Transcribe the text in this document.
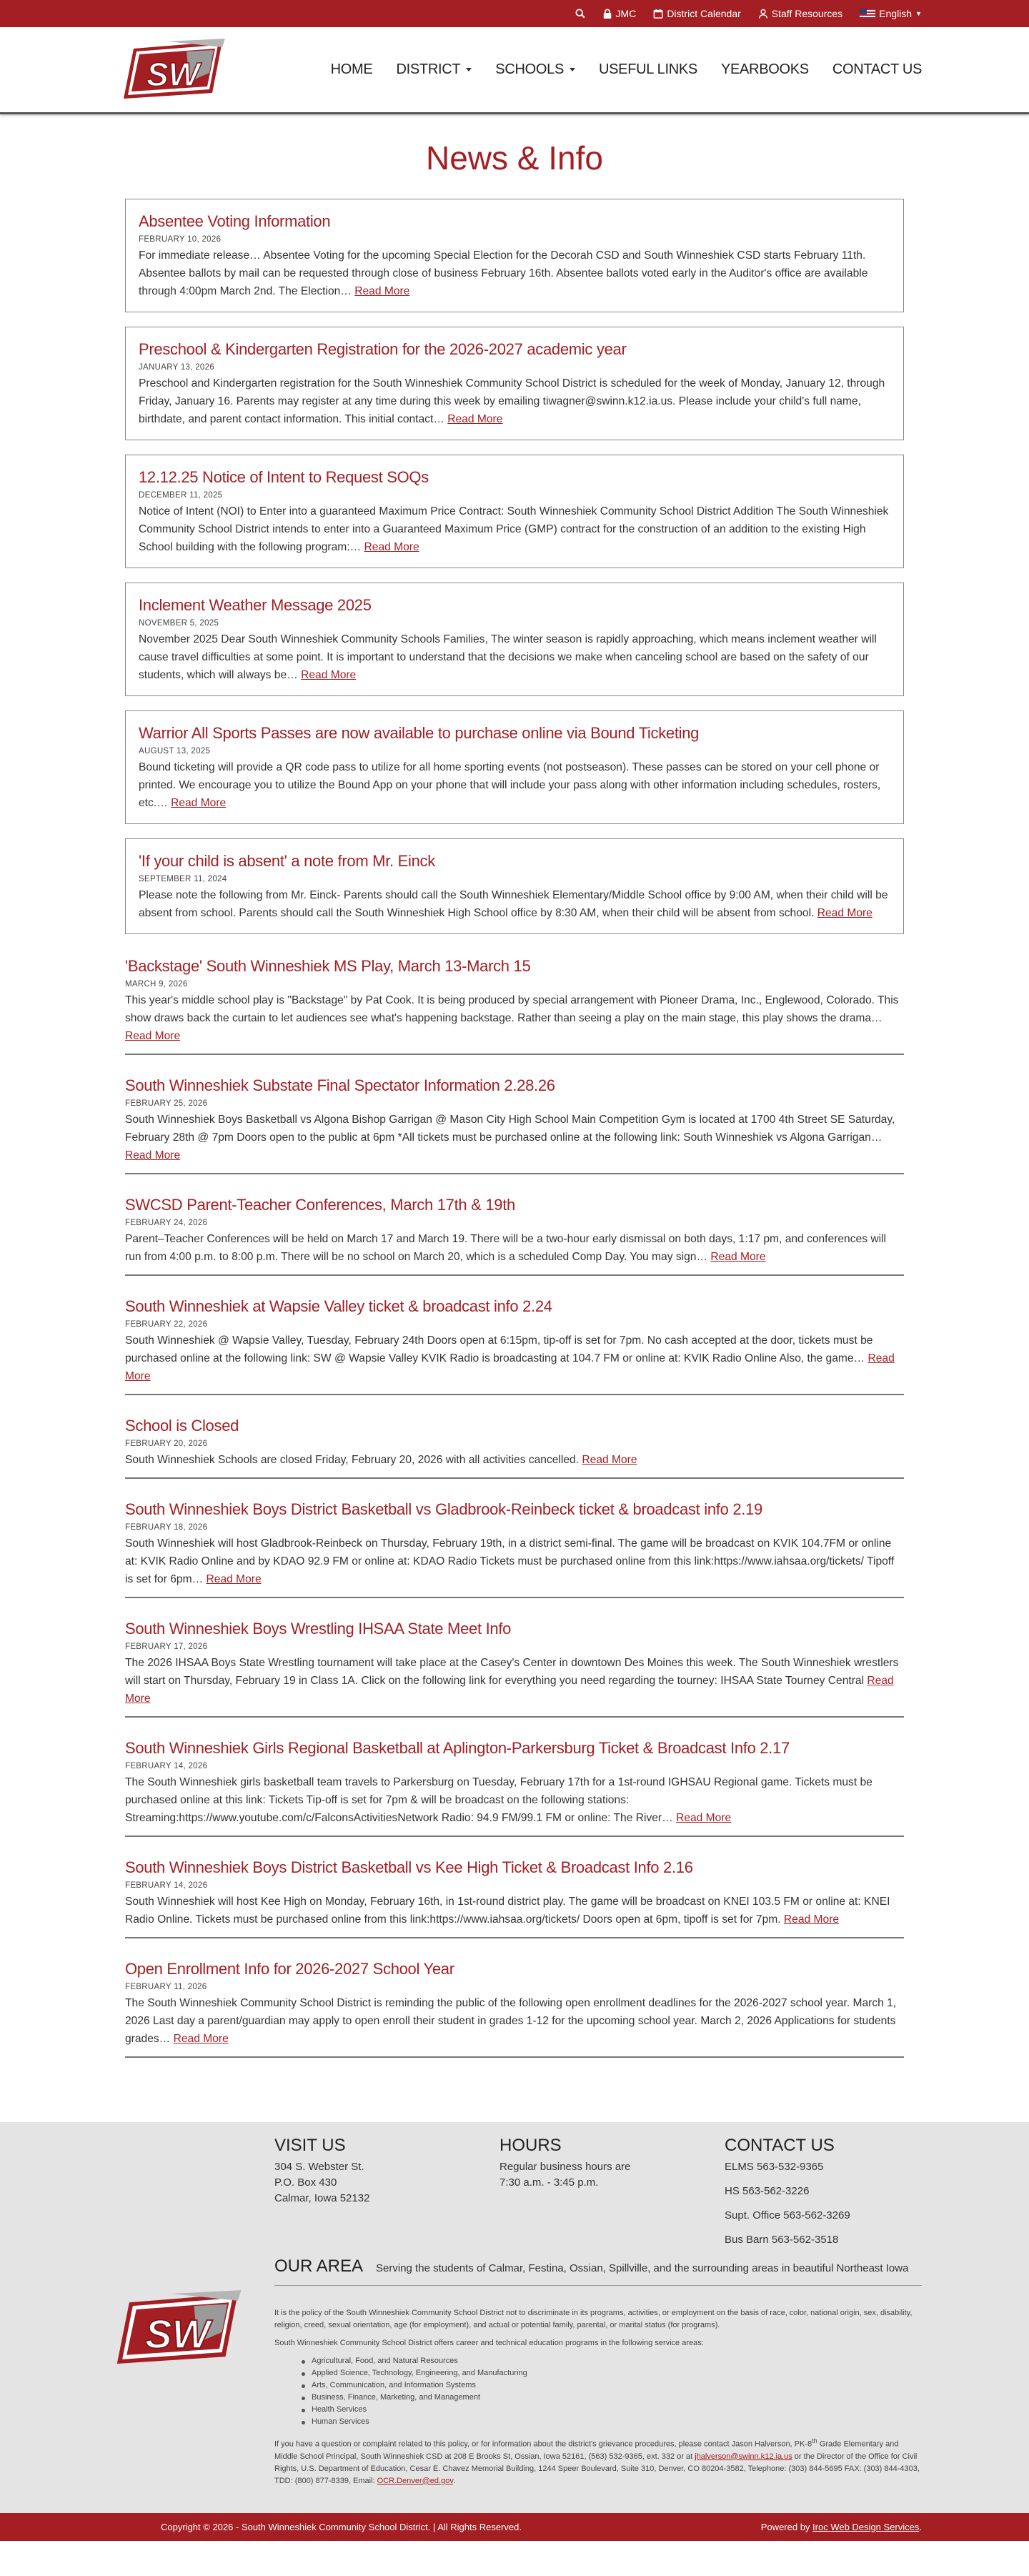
JMC	District Calendar	Staff Resources	English ▼
SW	HOME DISTRICT SCHOOLS USEFUL LINKS YEARBOOKS CONTACT US
News & Info
Absentee Voting Information
FEBRUARY 10, 2026
For immediate release… Absentee Voting for the upcoming Special Election for the Decorah CSD and South Winneshiek CSD starts February 11th. Absentee ballots by mail can be requested through close of business February 16th. Absentee ballots voted early in the Auditor's office are available through 4:00pm March 2nd. The Election… Read More
Preschool & Kindergarten Registration for the 2026-2027 academic year
JANUARY 13, 2026
Preschool and Kindergarten registration for the South Winneshiek Community School District is scheduled for the week of Monday, January 12, through Friday, January 16. Parents may register at any time during this week by emailing tiwagner@swinn.k12.ia.us. Please include your child's full name, birthdate, and parent contact information. This initial contact… Read More
12.12.25 Notice of Intent to Request SOQs
DECEMBER 11, 2025
Notice of Intent (NOI) to Enter into a guaranteed Maximum Price Contract: South Winneshiek Community School District Addition The South Winneshiek Community School District intends to enter into a Guaranteed Maximum Price (GMP) contract for the construction of an addition to the existing High School building with the following program:… Read More
Inclement Weather Message 2025
NOVEMBER 5, 2025
November 2025 Dear South Winneshiek Community Schools Families, The winter season is rapidly approaching, which means inclement weather will cause travel difficulties at some point. It is important to understand that the decisions we make when canceling school are based on the safety of our students, which will always be… Read More
Warrior All Sports Passes are now available to purchase online via Bound Ticketing
AUGUST 13, 2025
Bound ticketing will provide a QR code pass to utilize for all home sporting events (not postseason). These passes can be stored on your cell phone or printed. We encourage you to utilize the Bound App on your phone that will include your pass along with other information including schedules, rosters, etc.… Read More
'If your child is absent' a note from Mr. Einck
SEPTEMBER 11, 2024
Please note the following from Mr. Einck- Parents should call the South Winneshiek Elementary/Middle School office by 9:00 AM, when their child will be absent from school. Parents should call the South Winneshiek High School office by 8:30 AM, when their child will be absent from school. Read More
'Backstage' South Winneshiek MS Play, March 13-March 15
MARCH 9, 2026
This year's middle school play is "Backstage" by Pat Cook. It is being produced by special arrangement with Pioneer Drama, Inc., Englewood, Colorado. This show draws back the curtain to let audiences see what's happening backstage. Rather than seeing a play on the main stage, this play shows the drama… Read More
South Winneshiek Substate Final Spectator Information 2.28.26
FEBRUARY 25, 2026
South Winneshiek Boys Basketball vs Algona Bishop Garrigan @ Mason City High School Main Competition Gym is located at 1700 4th Street SE Saturday, February 28th @ 7pm Doors open to the public at 6pm *All tickets must be purchased online at the following link: South Winneshiek vs Algona Garrigan… Read More
SWCSD Parent-Teacher Conferences, March 17th & 19th
FEBRUARY 24, 2026
Parent–Teacher Conferences will be held on March 17 and March 19. There will be a two-hour early dismissal on both days, 1:17 pm, and conferences will run from 4:00 p.m. to 8:00 p.m. There will be no school on March 20, which is a scheduled Comp Day. You may sign… Read More
South Winneshiek at Wapsie Valley ticket & broadcast info 2.24
FEBRUARY 22, 2026
South Winneshiek @ Wapsie Valley, Tuesday, February 24th Doors open at 6:15pm, tip-off is set for 7pm. No cash accepted at the door, tickets must be purchased online at the following link: SW @ Wapsie Valley KVIK Radio is broadcasting at 104.7 FM or online at: KVIK Radio Online Also, the game… Read More
School is Closed
FEBRUARY 20, 2026
South Winneshiek Schools are closed Friday, February 20, 2026 with all activities cancelled. Read More
South Winneshiek Boys District Basketball vs Gladbrook-Reinbeck ticket & broadcast info 2.19
FEBRUARY 18, 2026
South Winneshiek will host Gladbrook-Reinbeck on Thursday, February 19th, in a district semi-final. The game will be broadcast on KVIK 104.7FM or online at: KVIK Radio Online and by KDAO 92.9 FM or online at: KDAO Radio Tickets must be purchased online from this link:https://www.iahsaa.org/tickets/ Tipoff is set for 6pm… Read More
South Winneshiek Boys Wrestling IHSAA State Meet Info
FEBRUARY 17, 2026
The 2026 IHSAA Boys State Wrestling tournament will take place at the Casey's Center in downtown Des Moines this week. The South Winneshiek wrestlers will start on Thursday, February 19 in Class 1A. Click on the following link for everything you need regarding the tourney: IHSAA State Tourney Central Read More
South Winneshiek Girls Regional Basketball at Aplington-Parkersburg Ticket & Broadcast Info 2.17
FEBRUARY 14, 2026
The South Winneshiek girls basketball team travels to Parkersburg on Tuesday, February 17th for a 1st-round IGHSAU Regional game. Tickets must be purchased online at this link: Tickets Tip-off is set for 7pm & will be broadcast on the following stations: Streaming:https://www.youtube.com/c/FalconsActivitiesNetwork Radio: 94.9 FM/99.1 FM or online: The River… Read More
South Winneshiek Boys District Basketball vs Kee High Ticket & Broadcast Info 2.16
FEBRUARY 14, 2026
South Winneshiek will host Kee High on Monday, February 16th, in 1st-round district play. The game will be broadcast on KNEI 103.5 FM or online at: KNEI Radio Online. Tickets must be purchased online from this link:https://www.iahsaa.org/tickets/ Doors open at 6pm, tipoff is set for 7pm. Read More
Open Enrollment Info for 2026-2027 School Year
FEBRUARY 11, 2026
The South Winneshiek Community School District is reminding the public of the following open enrollment deadlines for the 2026-2027 school year. March 1, 2026 Last day a parent/guardian may apply to open enroll their student in grades 1-12 for the upcoming school year. March 2, 2026 Applications for students grades… Read More
VISIT US

304 S. Webster St.

P.O. Box 430

Calmar, Iowa 52132

HOURS

Regular business hours are

7:30 a.m. - 3:45 p.m.

CONTACT US

ELMS 563-532-9365

HS 563-562-3226

Supt. Office 563-562-3269

Bus Barn 563-562-3518

OUR AREA Serving the students of Calmar, Festina, Ossian, Spillville, and the surrounding areas in beautiful Northeast Iowa
SW	It is the policy of the South Winneshiek Community School District not to discriminate in its programs, activities, or employment on the basis of race, color, national origin, sex, disability, religion, creed, sexual orientation, age (for employment), and actual or potential family, parental, or marital status (for programs).

South Winneshiek Community School District offers career and technical education programs in the following service areas:

Agricultural, Food, and Natural Resources
Applied Science, Technology, Engineering, and Manufacturing
Arts, Communication, and Information Systems
Business, Finance, Marketing, and Management
Health Services
Human Services

If you have a question or complaint related to this policy, or for information about the district's grievance procedures, please contact Jason Halverson, PK-8th Grade Elementary and Middle School Principal, South Winneshiek CSD at 208 E Brooks St, Ossian, Iowa 52161, (563) 532-9365, ext. 332 or at jhalverson@swinn.k12.ia.us or the Director of the Office for Civil Rights, U.S. Department of Education, Cesar E. Chavez Memorial Building, 1244 Speer Boulevard, Suite 310, Denver, CO 80204-3582, Telephone: (303) 844-5695 FAX: (303) 844-4303, TDD: (800) 877-8339, Email: OCR.Denver@ed.gov.

Copyright © 2026 - South Winneshiek Community School District. | All Rights Reserved.	Powered by Iroc Web Design Services.
